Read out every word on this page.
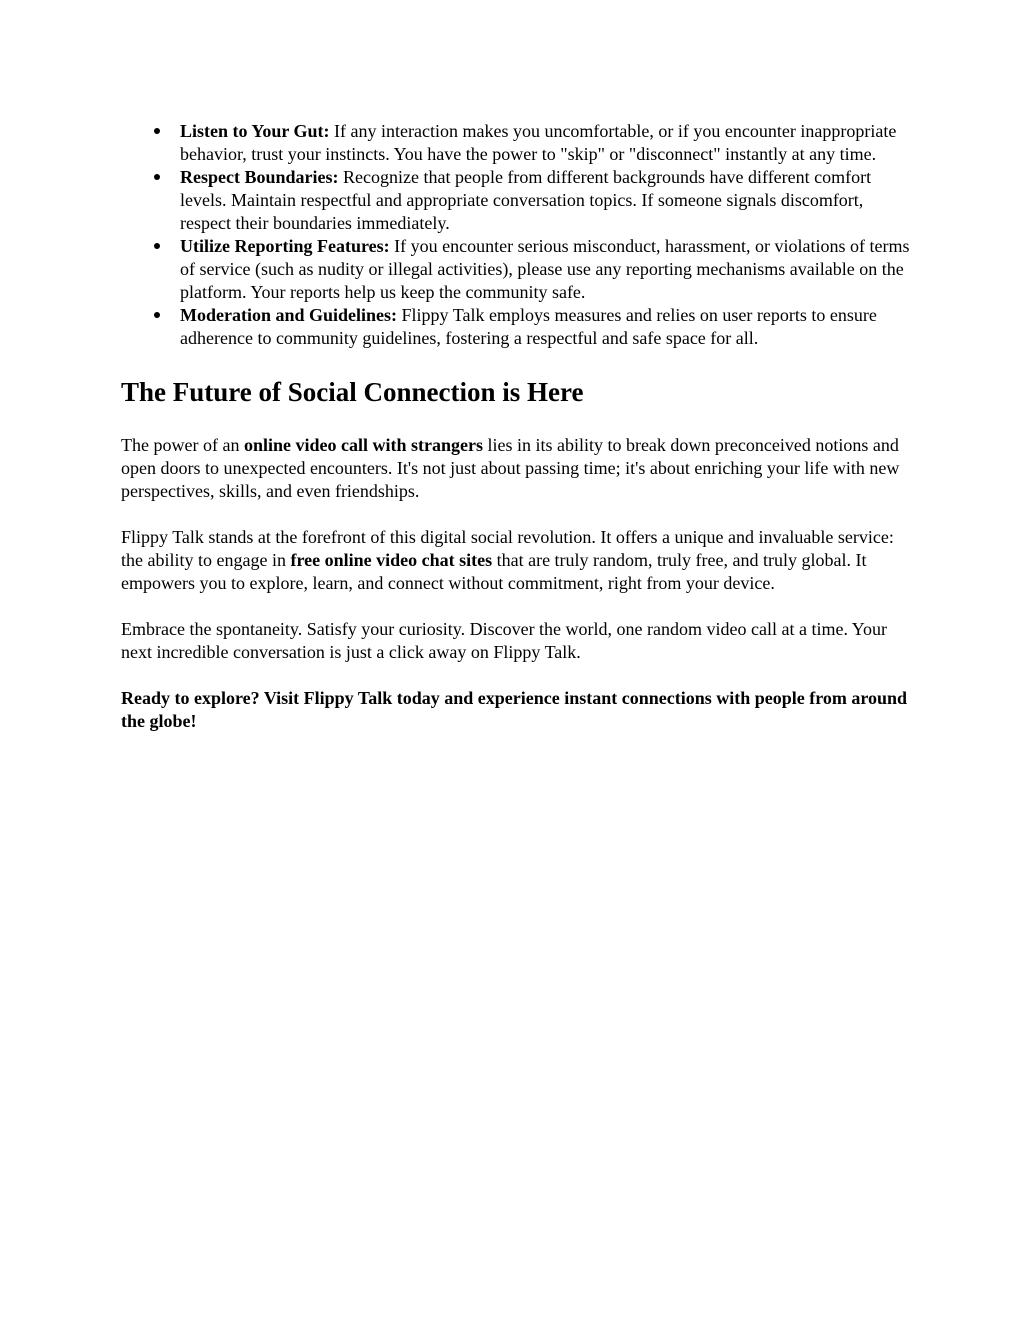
Listen to Your Gut: If any interaction makes you uncomfortable, or if you encounter inappropriate behavior, trust your instincts. You have the power to "skip" or "disconnect" instantly at any time.
Respect Boundaries: Recognize that people from different backgrounds have different comfort levels. Maintain respectful and appropriate conversation topics. If someone signals discomfort, respect their boundaries immediately.
Utilize Reporting Features: If you encounter serious misconduct, harassment, or violations of terms of service (such as nudity or illegal activities), please use any reporting mechanisms available on the platform. Your reports help us keep the community safe.
Moderation and Guidelines: Flippy Talk employs measures and relies on user reports to ensure adherence to community guidelines, fostering a respectful and safe space for all.
The Future of Social Connection is Here

The power of an online video call with strangers lies in its ability to break down preconceived notions and open doors to unexpected encounters. It's not just about passing time; it's about enriching your life with new perspectives, skills, and even friendships.

Flippy Talk stands at the forefront of this digital social revolution. It offers a unique and invaluable service: the ability to engage in free online video chat sites that are truly random, truly free, and truly global. It empowers you to explore, learn, and connect without commitment, right from your device.

Embrace the spontaneity. Satisfy your curiosity. Discover the world, one random video call at a time. Your next incredible conversation is just a click away on Flippy Talk.

Ready to explore? Visit Flippy Talk today and experience instant connections with people from around the globe!
